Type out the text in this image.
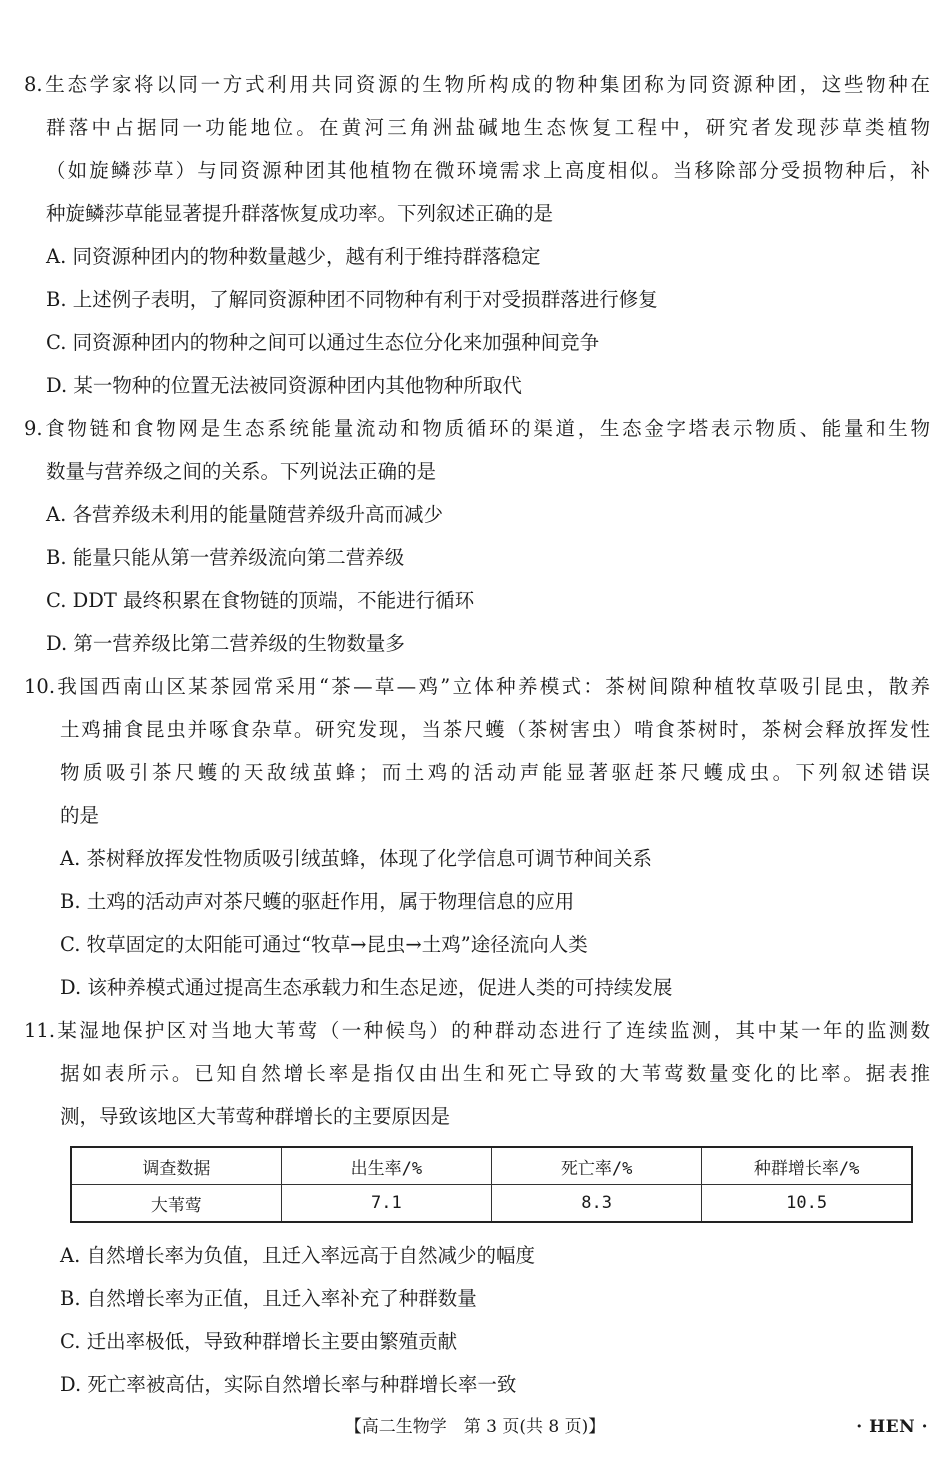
8.生态学家将以同一方式利用共同资源的生物所构成的物种集团称为同资源种团，这些物种在
群落中占据同一功能地位。在黄河三角洲盐碱地生态恢复工程中，研究者发现莎草类植物
（如旋鳞莎草）与同资源种团其他植物在微环境需求上高度相似。当移除部分受损物种后，补
种旋鳞莎草能显著提升群落恢复成功率。下列叙述正确的是
A. 同资源种团内的物种数量越少，越有利于维持群落稳定
B. 上述例子表明，了解同资源种团不同物种有利于对受损群落进行修复
C. 同资源种团内的物种之间可以通过生态位分化来加强种间竞争
D. 某一物种的位置无法被同资源种团内其他物种所取代
9.食物链和食物网是生态系统能量流动和物质循环的渠道，生态金字塔表示物质、能量和生物
数量与营养级之间的关系。下列说法正确的是
A. 各营养级未利用的能量随营养级升高而减少
B. 能量只能从第一营养级流向第二营养级
C. DDT 最终积累在食物链的顶端，不能进行循环
D. 第一营养级比第二营养级的生物数量多
10.我国西南山区某茶园常采用“茶—草—鸡”立体种养模式：茶树间隙种植牧草吸引昆虫，散养
土鸡捕食昆虫并啄食杂草。研究发现，当茶尺蠖（茶树害虫）啃食茶树时，茶树会释放挥发性
物质吸引茶尺蠖的天敌绒茧蜂；而土鸡的活动声能显著驱赶茶尺蠖成虫。下列叙述错误
的是
A. 茶树释放挥发性物质吸引绒茧蜂，体现了化学信息可调节种间关系
B. 土鸡的活动声对茶尺蠖的驱赶作用，属于物理信息的应用
C. 牧草固定的太阳能可通过“牧草→昆虫→土鸡”途径流向人类
D. 该种养模式通过提高生态承载力和生态足迹，促进人类的可持续发展
11.某湿地保护区对当地大苇莺（一种候鸟）的种群动态进行了连续监测，其中某一年的监测数
据如表所示。已知自然增长率是指仅由出生和死亡导致的大苇莺数量变化的比率。据表推
测，导致该地区大苇莺种群增长的主要原因是
调查数据	出生率/%	死亡率/%	种群增长率/%
大苇莺	7.1	8.3	10.5
A. 自然增长率为负值，且迁入率远高于自然减少的幅度
B. 自然增长率为正值，且迁入率补充了种群数量
C. 迁出率极低，导致种群增长主要由繁殖贡献
D. 死亡率被高估，实际自然增长率与种群增长率一致
【高二生物学　第 3 页(共 8 页)】	· HEN ·
